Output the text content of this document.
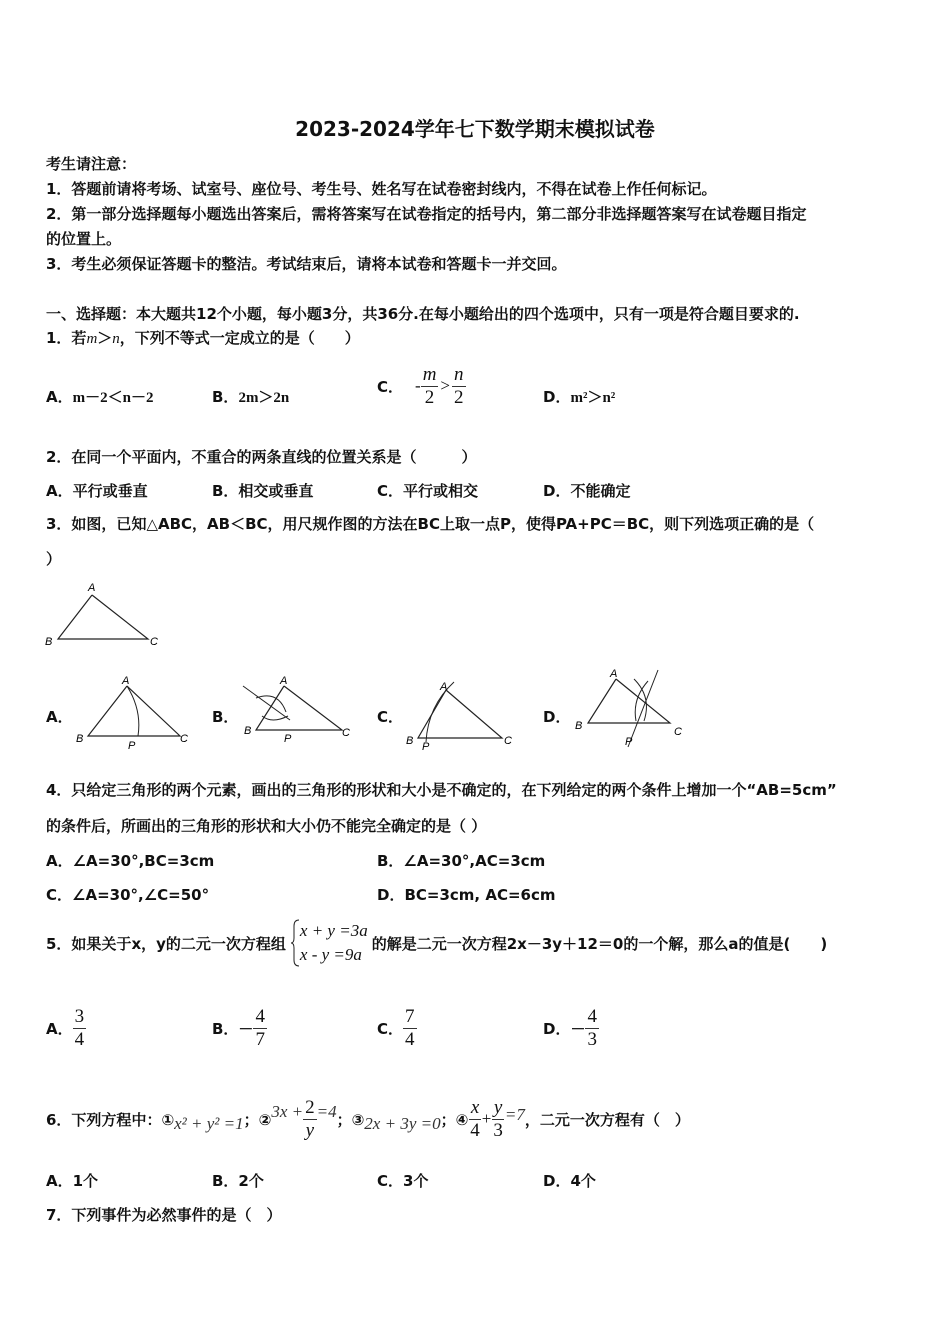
2023-2024学年七下数学期末模拟试卷
考生请注意：
1．答题前请将考场、试室号、座位号、考生号、姓名写在试卷密封线内，不得在试卷上作任何标记。
2．第一部分选择题每小题选出答案后，需将答案写在试卷指定的括号内，第二部分非选择题答案写在试卷题目指定
的位置上。
3．考生必须保证答题卡的整洁。考试结束后，请将本试卷和答题卡一并交回。
一、选择题：本大题共12个小题，每小题3分，共36分.在每小题给出的四个选项中，只有一项是符合题目要求的.
1．若m＞n，下列不等式一定成立的是（　　）
A．m－2＜n－2	B．2m＞2n
C． - $\frac{m}{2} > \frac{n}{2}$	D．m²＞n²
2．在同一个平面内，不重合的两条直线的位置关系是（　　　）
A．平行或垂直	B．相交或垂直	C．平行或相交	D．不能确定
3．如图，已知△ABC，AB＜BC，用尺规作图的方法在BC上取一点P，使得PA+PC＝BC，则下列选项正确的是（
）
A
B	C
A．
A
B	C
P
B．
A
B	C
P
C．
A
B	C
P
D．
A
B	C
P
4．只给定三角形的两个元素，画出的三角形的形状和大小是不确定的，在下列给定的两个条件上增加一个“AB=5cm”
的条件后，所画出的三角形的形状和大小仍不能完全确定的是（ ）
A．∠A=30°,BC=3cm	B．∠A=30°,AC=3cm
C．∠A=30°,∠C=50°	D．BC=3cm, AC=6cm
5．如果关于x，y的二元一次方程组
x + y =3a
x - y =9a
的解是二元一次方程2x－3y＋12＝0的一个解，那么a的值是(　　)
A． $\frac{3}{4}$	B．－ $\frac{4}{7}$	C． $\frac{7}{4}$	D．－ $\frac{4}{3}$
6．下列方程中：① x² + y² =1 ；② $3x + \frac{2}{y} =4$ ；③ 2x + 3y =0 ；④ $\frac{x}{4} + \frac{y}{3} =7$ ，二元一次方程有（　）
A．1个	B．2个	C．3个	D．4个
7．下列事件为必然事件的是（　）
